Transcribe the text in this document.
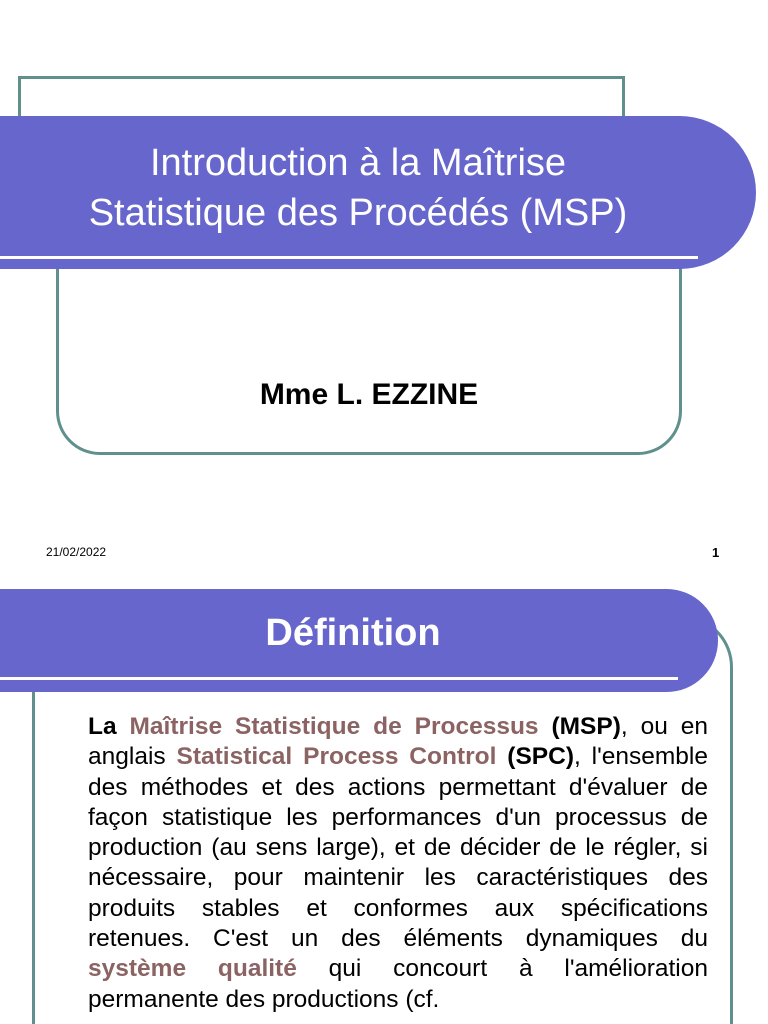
Introduction à la Maîtrise
Statistique des Procédés (MSP)
Mme L. EZZINE
21/02/2022	1
Définition
La Maîtrise Statistique de Processus (MSP), ou en anglais Statistical Process Control (SPC), l'ensemble des méthodes et des actions permettant d'évaluer de façon statistique les performances d'un processus de production (au sens large), et de décider de le régler, si nécessaire, pour maintenir les caractéristiques des produits stables et conformes aux spécifications retenues. C'est un des éléments dynamiques du système qualité qui concourt à l'amélioration permanente des productions (cf.
